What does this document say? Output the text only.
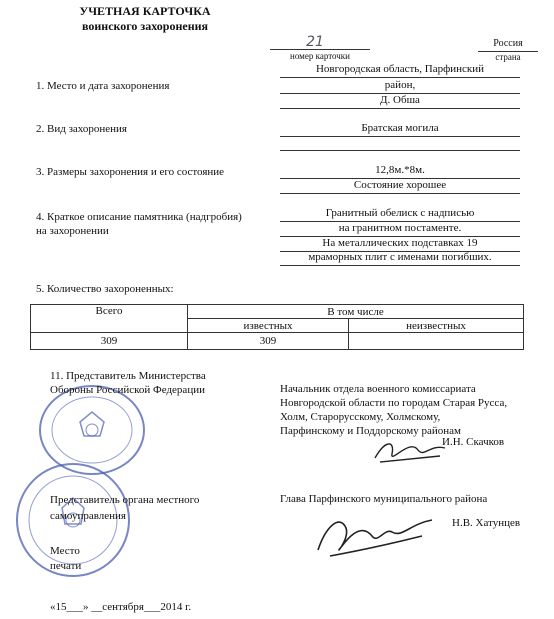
УЧЕТНАЯ КАРТОЧКА
воинского захоронения
21
номер карточки
Россия
страна
1. Место и дата захоронения
Новгородская область, Парфинский
район,
Д. Обша
2. Вид захоронения	Братская могила
3. Размеры захоронения и его состояние	12,8м.*8м.
Состояние хорошее
4. Краткое описание памятника (надгробия)
на захоронении
Гранитный обелиск с надписью
на гранитном постаменте.
На металлических подставках 19
мраморных плит с именами погибших.
5. Количество захороненных:
Всего	В том числе	
	известных	неизвестных
309	309	
11. Представитель Министерства
Обороны Российской Федерации	Начальник отдела военного комиссариата
Новгородской области по городам Старая Русса,
Холм, Старорусскому, Холмскому,
Парфинскому и Поддорскому районам
И.Н. Скачков
Представитель органа местного
самоуправления
Глава Парфинского муниципального района
Н.В. Хатунцев
Место
печати
«15___» __сентября___2014 г.
